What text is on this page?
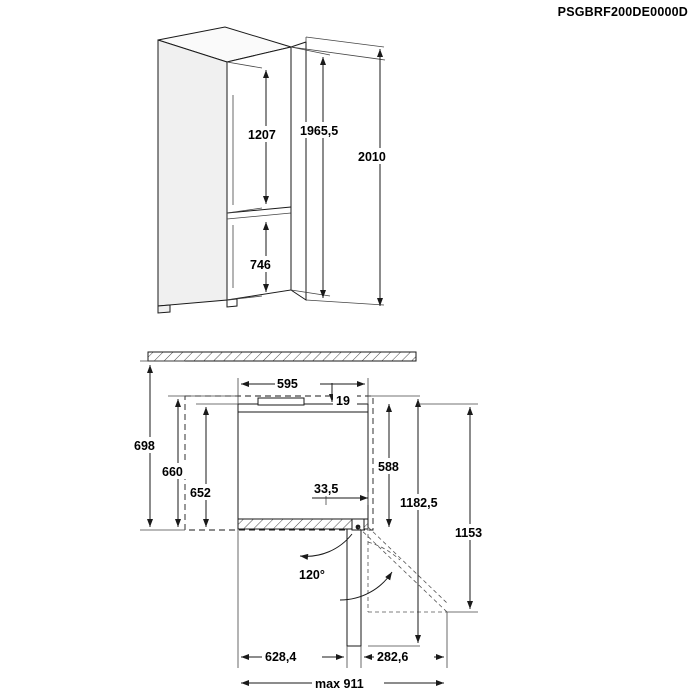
PSGBRF200DE0000D
1207
746
1965,5
2010
120°
698
660
652
595
19
33,5
588
1182,5
1153
628,4	282,6
max 911
